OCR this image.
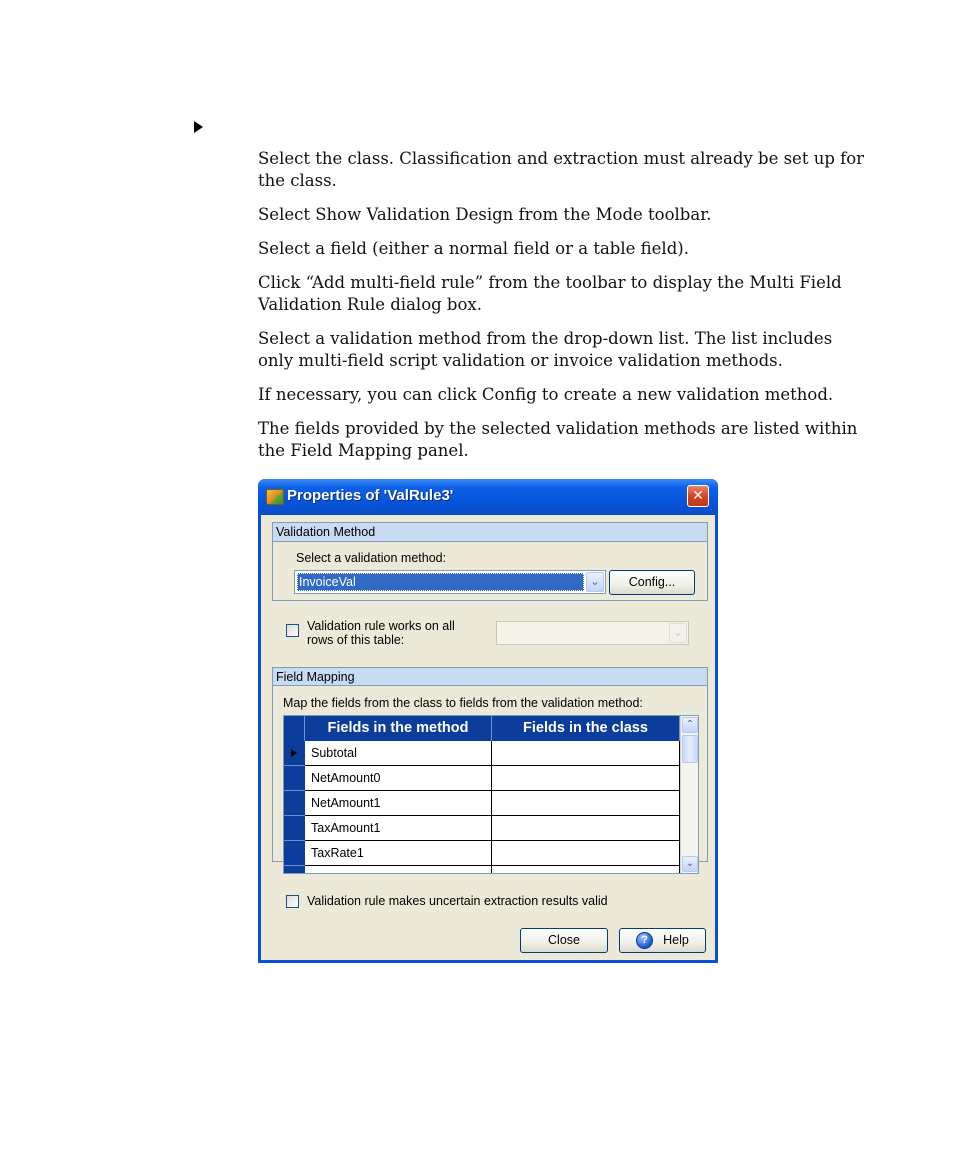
Select the class. Classification and extraction must already be set up for the class.

Select Show Validation Design from the Mode toolbar.

Select a field (either a normal field or a table field).

Click “Add multi-field rule” from the toolbar to display the Multi Field Validation Rule dialog box.

Select a validation method from the drop-down list. The list includes only multi-field script validation or invoice validation methods.

If necessary, you can click Config to create a new validation method.

The fields provided by the selected validation methods are listed within the Field Mapping panel.

Properties of 'ValRule3'	✕
Validation Method
Select a validation method:
InvoiceVal	⌄	Config...
Validation rule works on all
rows of this table:
⌄
Field Mapping
Map the fields from the class to fields from the validation method:
Fields in the method	Fields in the class
Subtotal
NetAmount0
NetAmount1
TaxAmount1
TaxRate1
⌃
⌄
Validation rule makes uncertain extraction results valid
Close	? Help
